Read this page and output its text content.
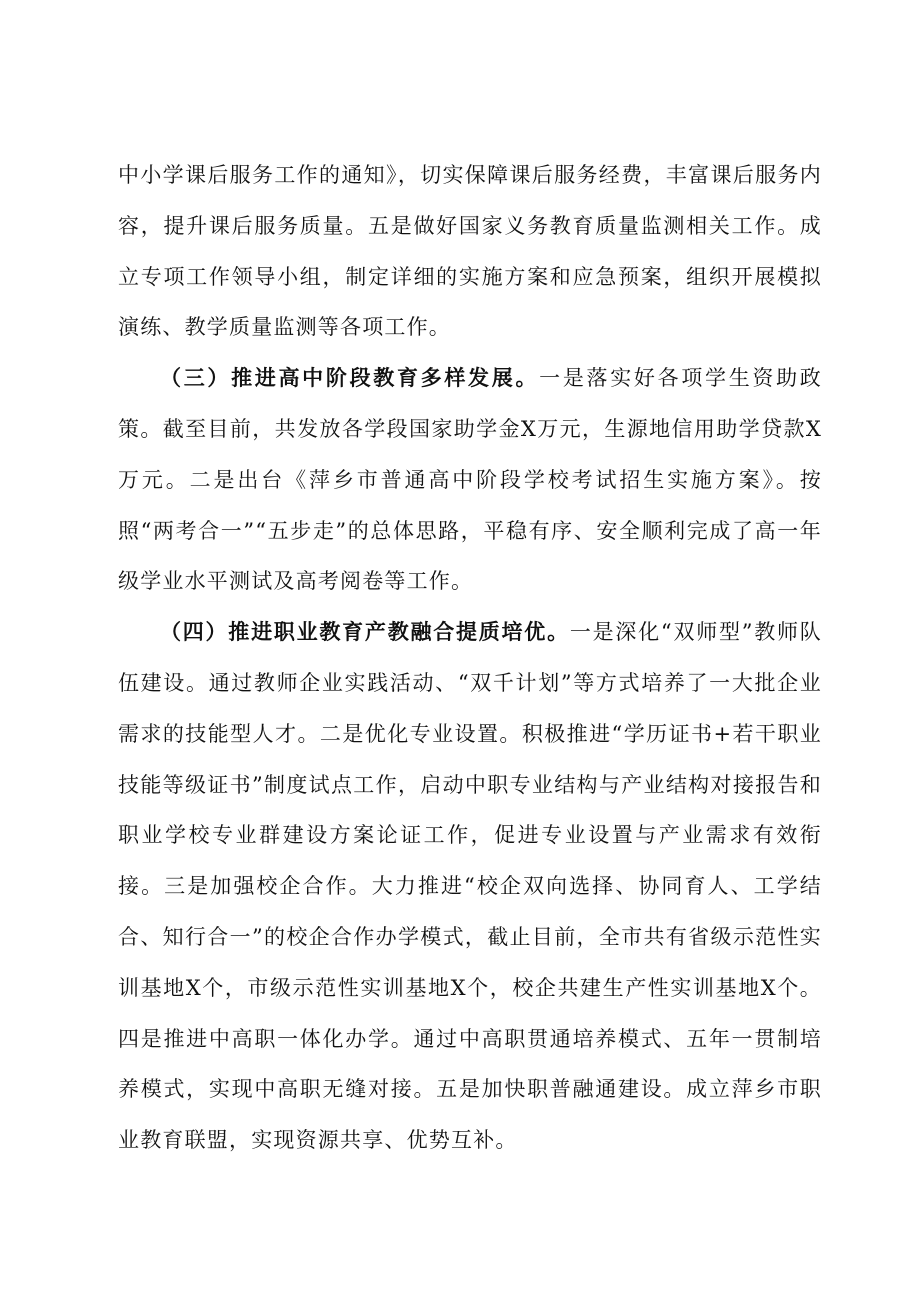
中小学课后服务工作的通知》，切实保障课后服务经费，丰富课后服务内容，提升课后服务质量。五是做好国家义务教育质量监测相关工作。成立专项工作领导小组，制定详细的实施方案和应急预案，组织开展模拟演练、教学质量监测等各项工作。

（三）推进高中阶段教育多样发展。一是落实好各项学生资助政策。截至目前，共发放各学段国家助学金X万元，生源地信用助学贷款X万元。二是出台《萍乡市普通高中阶段学校考试招生实施方案》。按照“两考合一”“五步走”的总体思路，平稳有序、安全顺利完成了高一年级学业水平测试及高考阅卷等工作。

（四）推进职业教育产教融合提质培优。一是深化“双师型”教师队伍建设。通过教师企业实践活动、“双千计划”等方式培养了一大批企业需求的技能型人才。二是优化专业设置。积极推进“学历证书+若干职业技能等级证书”制度试点工作，启动中职专业结构与产业结构对接报告和职业学校专业群建设方案论证工作，促进专业设置与产业需求有效衔接。三是加强校企合作。大力推进“校企双向选择、协同育人、工学结合、知行合一”的校企合作办学模式，截止目前，全市共有省级示范性实训基地X个，市级示范性实训基地X个，校企共建生产性实训基地X个。四是推进中高职一体化办学。通过中高职贯通培养模式、五年一贯制培养模式，实现中高职无缝对接。五是加快职普融通建设。成立萍乡市职业教育联盟，实现资源共享、优势互补。
